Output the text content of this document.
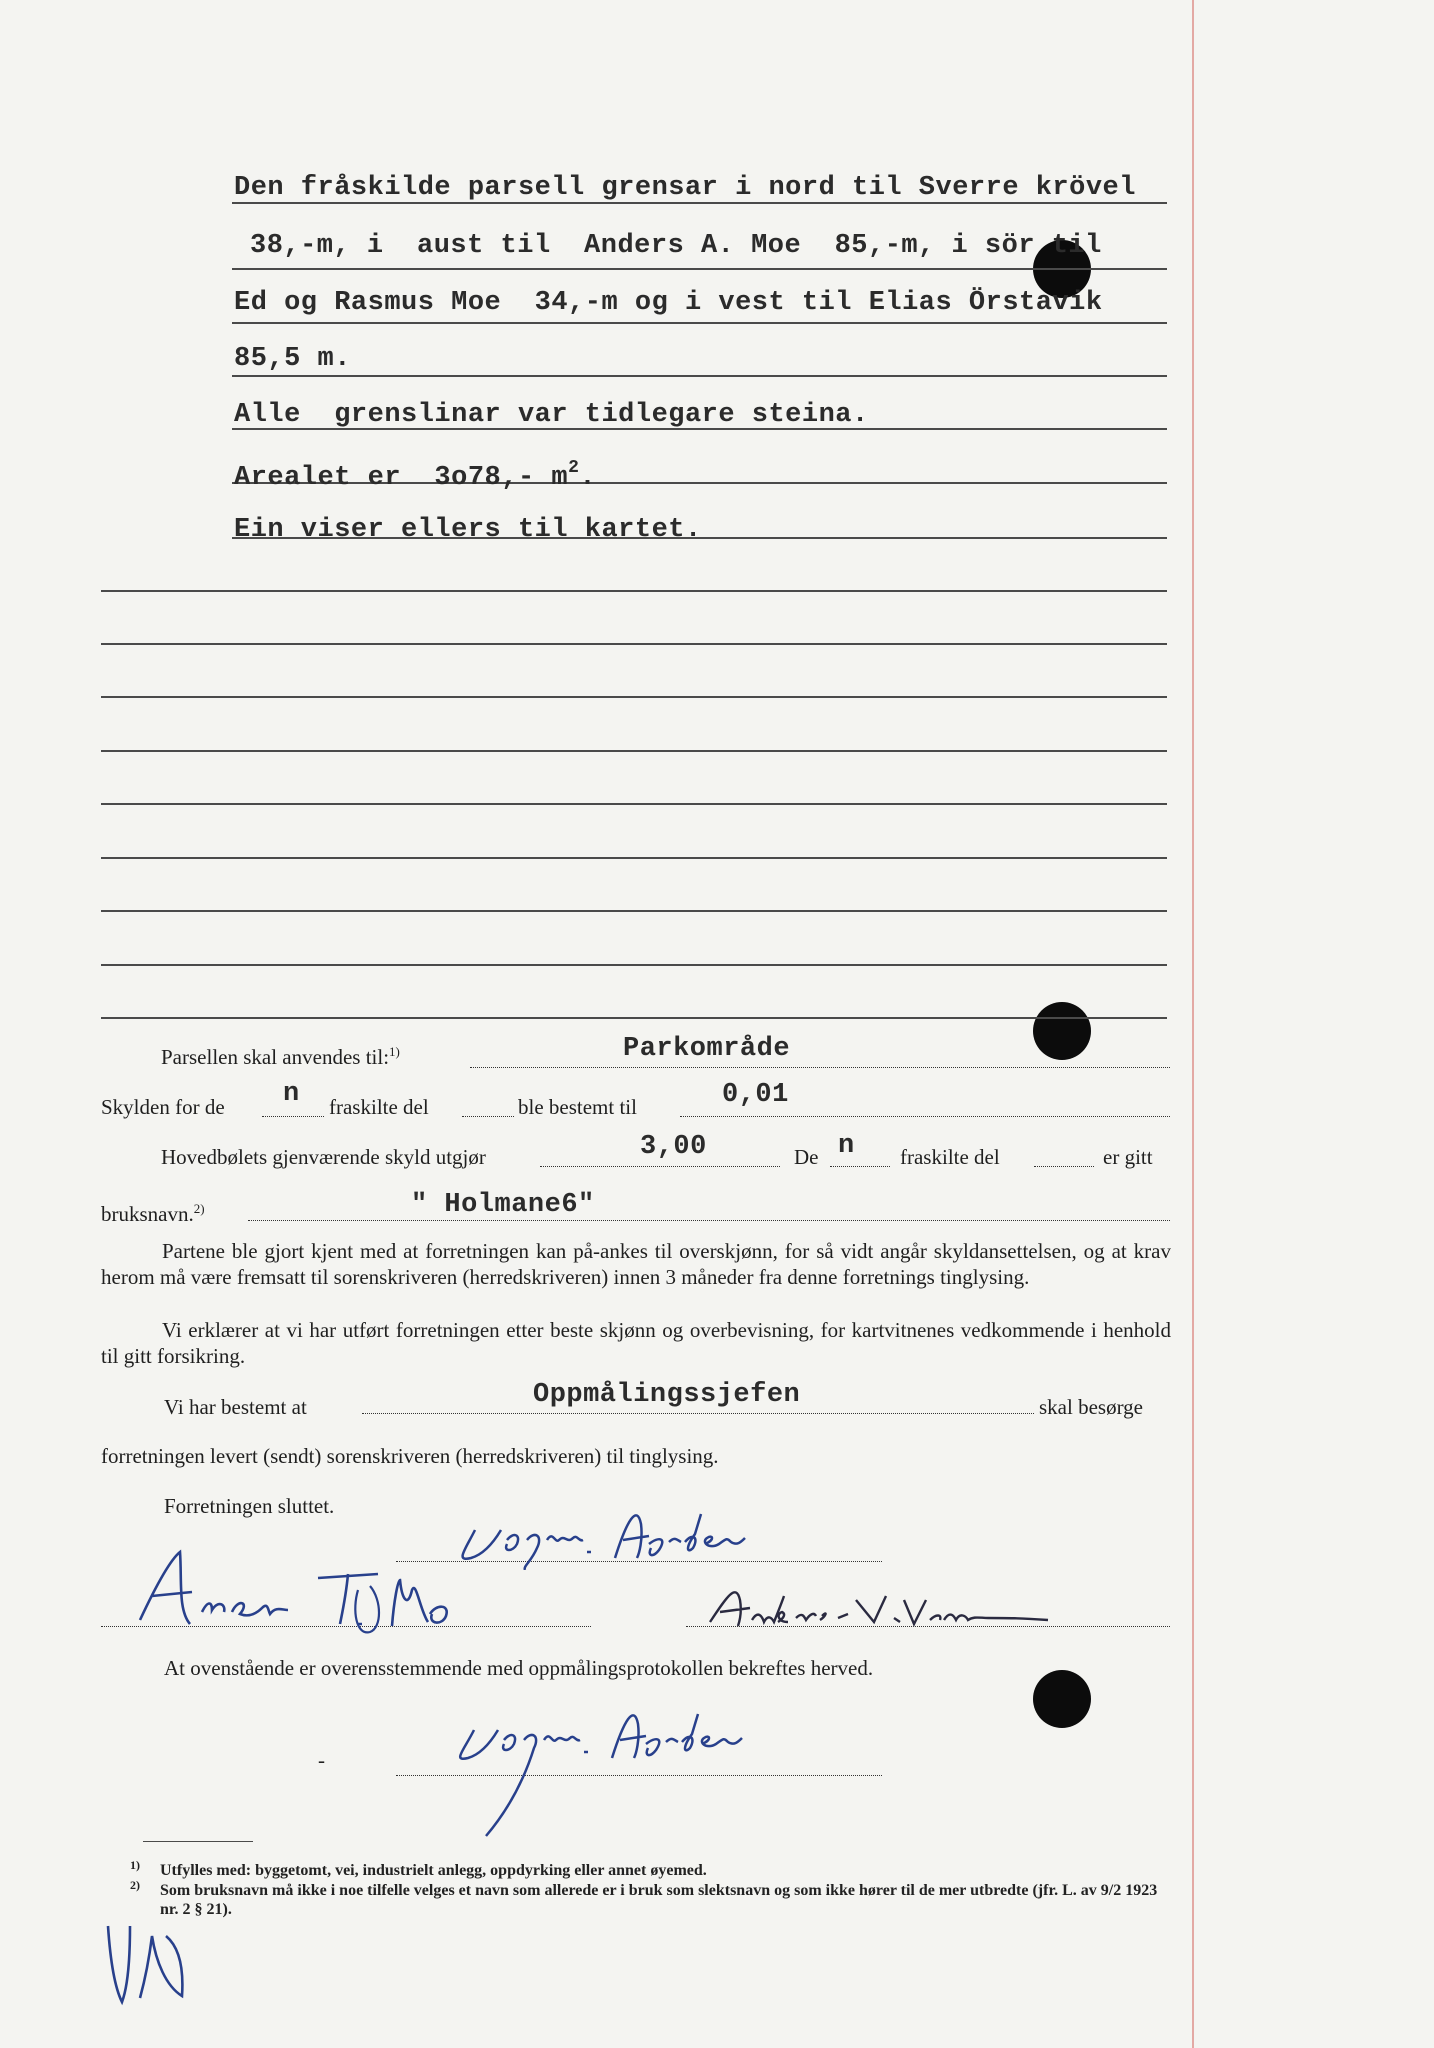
Den fråskilde parsell grensar i nord til Sverre krövel
38,-m, i  aust til  Anders A. Moe  85,-m, i sör til
Ed og Rasmus Moe  34,-m og i vest til Elias Örstavik
85,5 m.
Alle  grenslinar var tidlegare steina.
Arealet er  3o78,- $m^2$.
Ein viser ellers til kartet.
Parsellen skal anvendes til:$^{1)}$	Parkområde
Skylden for de n fraskilte del	ble bestemt til	0,01
Hovedbølets gjenværende skyld utgjør	3,00	De n fraskilte del	er gitt
bruksnavn.$^{2)}$	" Holmane6"
Partene ble gjort kjent med at forretningen kan på-ankes til overskjønn, for så vidt angår skyldansettelsen, og at krav herom må være fremsatt til sorenskriveren (herredskriveren) innen 3 måneder fra denne forretnings tinglysing.
Vi erklærer at vi har utført forretningen etter beste skjønn og overbevisning, for kartvitnenes vedkommende i henhold til gitt forsikring.
Vi har bestemt at	Oppmålingssjefen	skal besørge
forretningen levert (sendt) sorenskriveren (herredskriveren) til tinglysing.
Forretningen sluttet.
At ovenstående er overensstemmende med oppmålingsprotokollen bekreftes herved.
-
1) Utfylles med: byggetomt, vei, industrielt anlegg, oppdyrking eller annet øyemed.
2) Som bruksnavn må ikke i noe tilfelle velges et navn som allerede er i bruk som slektsnavn og som ikke hører til de mer utbredte (jfr. L. av 9/2 1923 nr. 2 § 21).
